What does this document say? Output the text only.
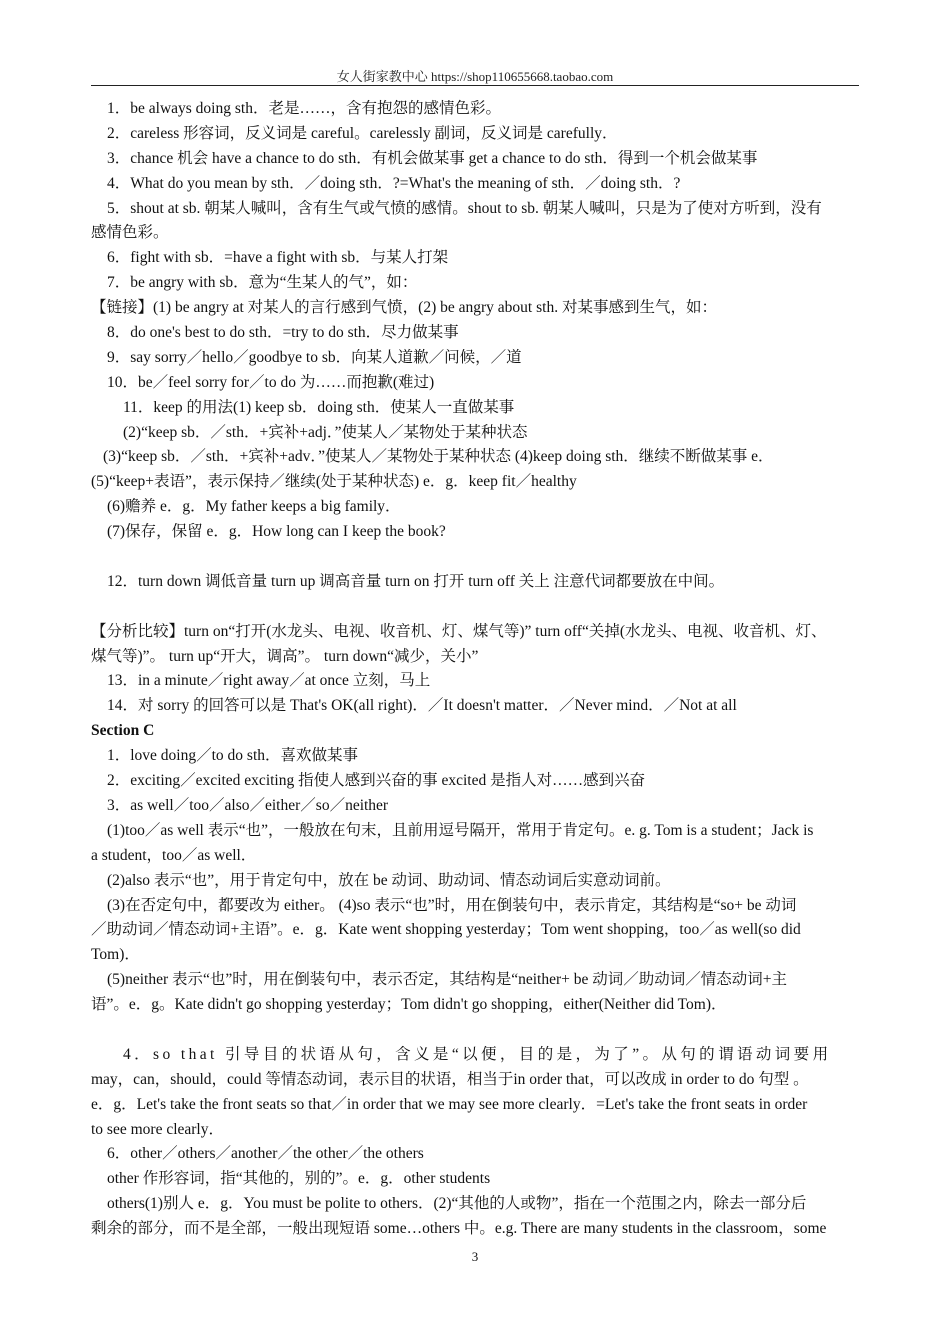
女人街家教中心 https://shop110655668.taobao.com
1．be always doing sth．老是……，含有抱怨的感情色彩。
2．careless 形容词，反义词是 careful。carelessly 副词，反义词是 carefully．
3．chance 机会 have a chance to do sth．有机会做某事 get a chance to do sth．得到一个机会做某事
4．What do you mean by sth．／doing sth．?=What's the meaning of sth．／doing sth．?
5．shout at sb. 朝某人喊叫，含有生气或气愤的感情。shout to sb. 朝某人喊叫，只是为了使对方听到，没有
感情色彩。
6．fight with sb．=have a fight with sb．与某人打架
7．be angry with sb．意为“生某人的气”，如：
【链接】(1) be angry at 对某人的言行感到气愤，(2) be angry about sth. 对某事感到生气，如：
8．do one's best to do sth．=try to do sth．尽力做某事
9．say sorry／hello／goodbye to sb．向某人道歉／问候，／道
10．be／feel sorry for／to do 为……而抱歉(难过)
11．keep 的用法(1) keep sb．doing sth．使某人一直做某事
(2)“keep sb．／sth．+宾补+adj．”使某人／某物处于某种状态
(3)“keep sb．／sth．+宾补+adv．”使某人／某物处于某种状态 (4)keep doing sth．继续不断做某事 e．
(5)“keep+表语”，表示保持／继续(处于某种状态) e．g．keep fit／healthy
(6)赡养 e．g．My father keeps a big family．
(7)保存，保留 e．g．How long can I keep the book?
12．turn down 调低音量 turn up 调高音量 turn on 打开 turn off 关上 注意代词都要放在中间。
【分析比较】turn on“打开(水龙头、电视、收音机、灯、煤气等)” turn off“关掉(水龙头、电视、收音机、灯、
煤气等)”。 turn up“开大，调高”。 turn down“减少，关小”
13．in a minute／right away／at once 立刻，马上
14．对 sorry 的回答可以是 That's OK(all right)．／It doesn't matter．／Never mind．／Not at all
Section C
1．love doing／to do sth．喜欢做某事
2．exciting／excited exciting 指使人感到兴奋的事 excited 是指人对……感到兴奋
3．as well／too／also／either／so／neither
(1)too／as well 表示“也”，一般放在句末，且前用逗号隔开，常用于肯定句。e. g. Tom is a student；Jack is
a student，too／as well．
(2)also 表示“也”，用于肯定句中，放在 be 动词、助动词、情态动词后实意动词前。
(3)在否定句中，都要改为 either。 (4)so 表示“也”时，用在倒装句中，表示肯定，其结构是“so+ be 动词
／助动词／情态动词+主语”。e．g．Kate went shopping yesterday；Tom went shopping，too／as well(so did
Tom)．
(5)neither 表示“也”时，用在倒装句中，表示否定，其结构是“neither+ be 动词／助动词／情态动词+主
语”。e．g。Kate didn't go shopping yesterday；Tom didn't go shopping，either(Neither did Tom)．
4．so that 引导目的状语从句，含义是“以便，目的是，为了”。从句的谓语动词要用
may，can，should，could 等情态动词，表示目的状语，相当于in order that，可以改成 in order to do 句型 。
e．g．Let's take the front seats so that／in order that we may see more clearly．=Let's take the front seats in order
to see more clearly．
6．other／others／another／the other／the others
other 作形容词，指“其他的，别的”。e．g．other students
others(1)别人 e．g．You must be polite to others．(2)“其他的人或物”，指在一个范围之内，除去一部分后
剩余的部分，而不是全部，一般出现短语 some…others 中。e.g. There are many students in the classroom，some
3
